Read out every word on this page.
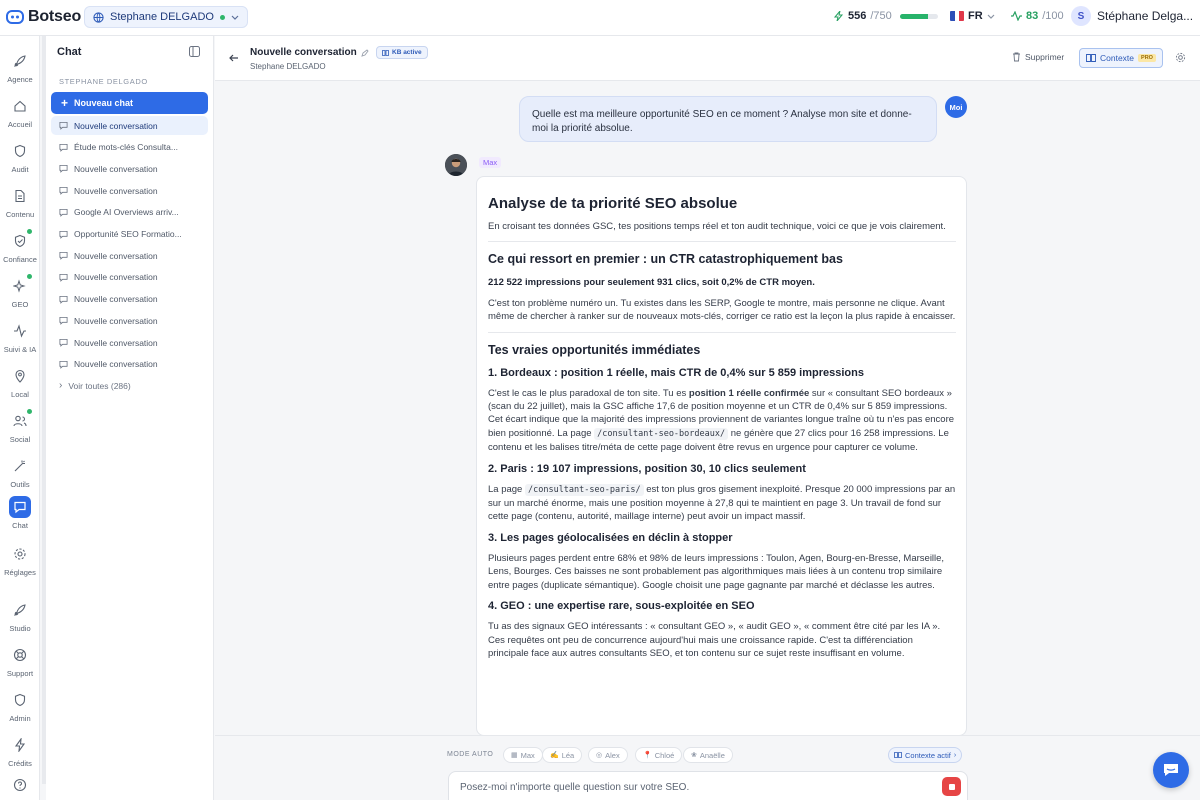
Botseo	Stephane DELGADO	556 /750	FR	83 /100	S	Stéphane Delga...
Agence
Accueil
Audit
Contenu
Confiance
GEO
Suivi & IA
Local
Social
Outils
Chat
Réglages
Studio
Support
Admin
Crédits
Chat
STEPHANE DELGADO
+ Nouveau chat
Nouvelle conversation
Étude mots-clés Consulta...
Nouvelle conversation
Nouvelle conversation
Google AI Overviews arriv...
Opportunité SEO Formatio...
Nouvelle conversation
Nouvelle conversation
Nouvelle conversation
Nouvelle conversation
Nouvelle conversation
Nouvelle conversation
› Voir toutes (286)
Nouvelle conversation	KB active
Stephane DELGADO
Supprimer	Contexte	PRO
Quelle est ma meilleure opportunité SEO en ce moment ? Analyse mon site et donne-moi la priorité absolue.
Moi
Max
Analyse de ta priorité SEO absolue

En croisant tes données GSC, tes positions temps réel et ton audit technique, voici ce que je vois clairement.

Ce qui ressort en premier : un CTR catastrophiquement bas

212 522 impressions pour seulement 931 clics, soit 0,2% de CTR moyen.

C'est ton problème numéro un. Tu existes dans les SERP, Google te montre, mais personne ne clique. Avant même de chercher à ranker sur de nouveaux mots-clés, corriger ce ratio est la leçon la plus rapide à encaisser.

Tes vraies opportunités immédiates
1. Bordeaux : position 1 réelle, mais CTR de 0,4% sur 5 859 impressions

C'est le cas le plus paradoxal de ton site. Tu es position 1 réelle confirmée sur « consultant SEO bordeaux » (scan du 22 juillet), mais la GSC affiche 17,6 de position moyenne et un CTR de 0,4% sur 5 859 impressions. Cet écart indique que la majorité des impressions proviennent de variantes longue traîne où tu n'es pas encore bien positionné. La page /consultant-seo-bordeaux/ ne génère que 27 clics pour 16 258 impressions. Le contenu et les balises titre/méta de cette page doivent être revus en urgence pour capturer ce volume.

2. Paris : 19 107 impressions, position 30, 10 clics seulement

La page /consultant-seo-paris/ est ton plus gros gisement inexploité. Presque 20 000 impressions par an sur un marché énorme, mais une position moyenne à 27,8 qui te maintient en page 3. Un travail de fond sur cette page (contenu, autorité, maillage interne) peut avoir un impact massif.

3. Les pages géolocalisées en déclin à stopper

Plusieurs pages perdent entre 68% et 98% de leurs impressions : Toulon, Agen, Bourg-en-Bresse, Marseille, Lens, Bourges. Ces baisses ne sont probablement pas algorithmiques mais liées à un contenu trop similaire entre pages (duplicate sémantique). Google choisit une page gagnante par marché et déclasse les autres.

4. GEO : une expertise rare, sous-exploitée en SEO

Tu as des signaux GEO intéressants : « consultant GEO », « audit GEO », « comment être cité par les IA ». Ces requêtes ont peu de concurrence aujourd'hui mais une croissance rapide. C'est ta différenciation principale face aux autres consultants SEO, et ton contenu sur ce sujet reste insuffisant en volume.

MODE AUTO	▦ Max ✍ Léa	◎ Alex	📍 Chloé ❀ Anaëlle	Contexte actif ›
Posez-moi n'importe quelle question sur votre SEO.
